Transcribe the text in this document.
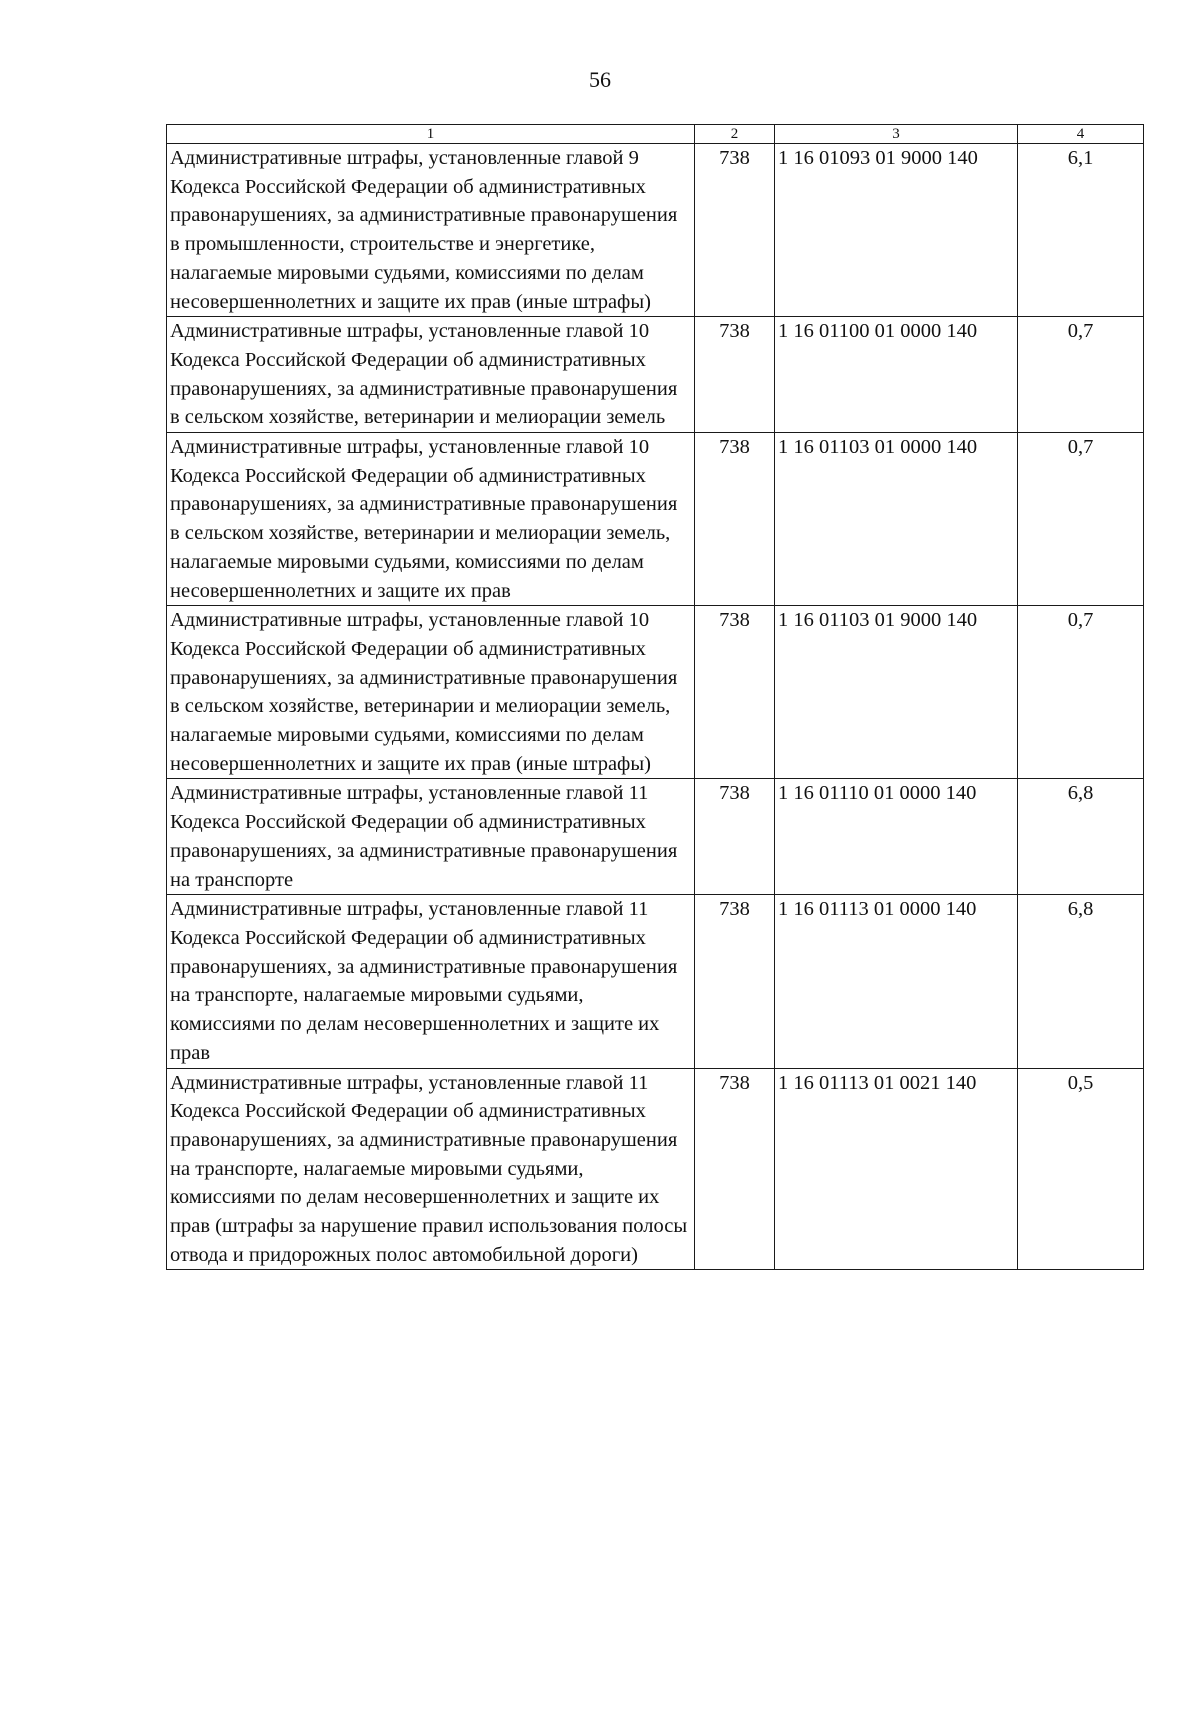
56
1	2	3	4
Административные штрафы, установленные главой 9 Кодекса Российской Федерации об административных правонарушениях, за административные правонарушения в промышленности, строительстве и энергетике, налагаемые мировыми судьями, комиссиями по делам несовершеннолетних и защите их прав (иные штрафы)	738	1 16 01093 01 9000 140	6,1
Административные штрафы, установленные главой 10 Кодекса Российской Федерации об административных правонарушениях, за административные правонарушения в сельском хозяйстве, ветеринарии и мелиорации земель	738	1 16 01100 01 0000 140	0,7
Административные штрафы, установленные главой 10 Кодекса Российской Федерации об административных правонарушениях, за административные правонарушения в сельском хозяйстве, ветеринарии и мелиорации земель, налагаемые мировыми судьями, комиссиями по делам несовершеннолетних и защите их прав	738	1 16 01103 01 0000 140	0,7
Административные штрафы, установленные главой 10 Кодекса Российской Федерации об административных правонарушениях, за административные правонарушения в сельском хозяйстве, ветеринарии и мелиорации земель, налагаемые мировыми судьями, комиссиями по делам несовершеннолетних и защите их прав (иные штрафы)	738	1 16 01103 01 9000 140	0,7
Административные штрафы, установленные главой 11 Кодекса Российской Федерации об административных правонарушениях, за административные правонарушения на транспорте	738	1 16 01110 01 0000 140	6,8
Административные штрафы, установленные главой 11 Кодекса Российской Федерации об административных правонарушениях, за административные правонарушения на транспорте, налагаемые мировыми судьями, комиссиями по делам несовершеннолетних и защите их прав	738	1 16 01113 01 0000 140	6,8
Административные штрафы, установленные главой 11 Кодекса Российской Федерации об административных правонарушениях, за административные правонарушения на транспорте, налагаемые мировыми судьями, комиссиями по делам несовершеннолетних и защите их прав (штрафы за нарушение правил использования полосы отвода и придорожных полос автомобильной дороги)	738	1 16 01113 01 0021 140	0,5
